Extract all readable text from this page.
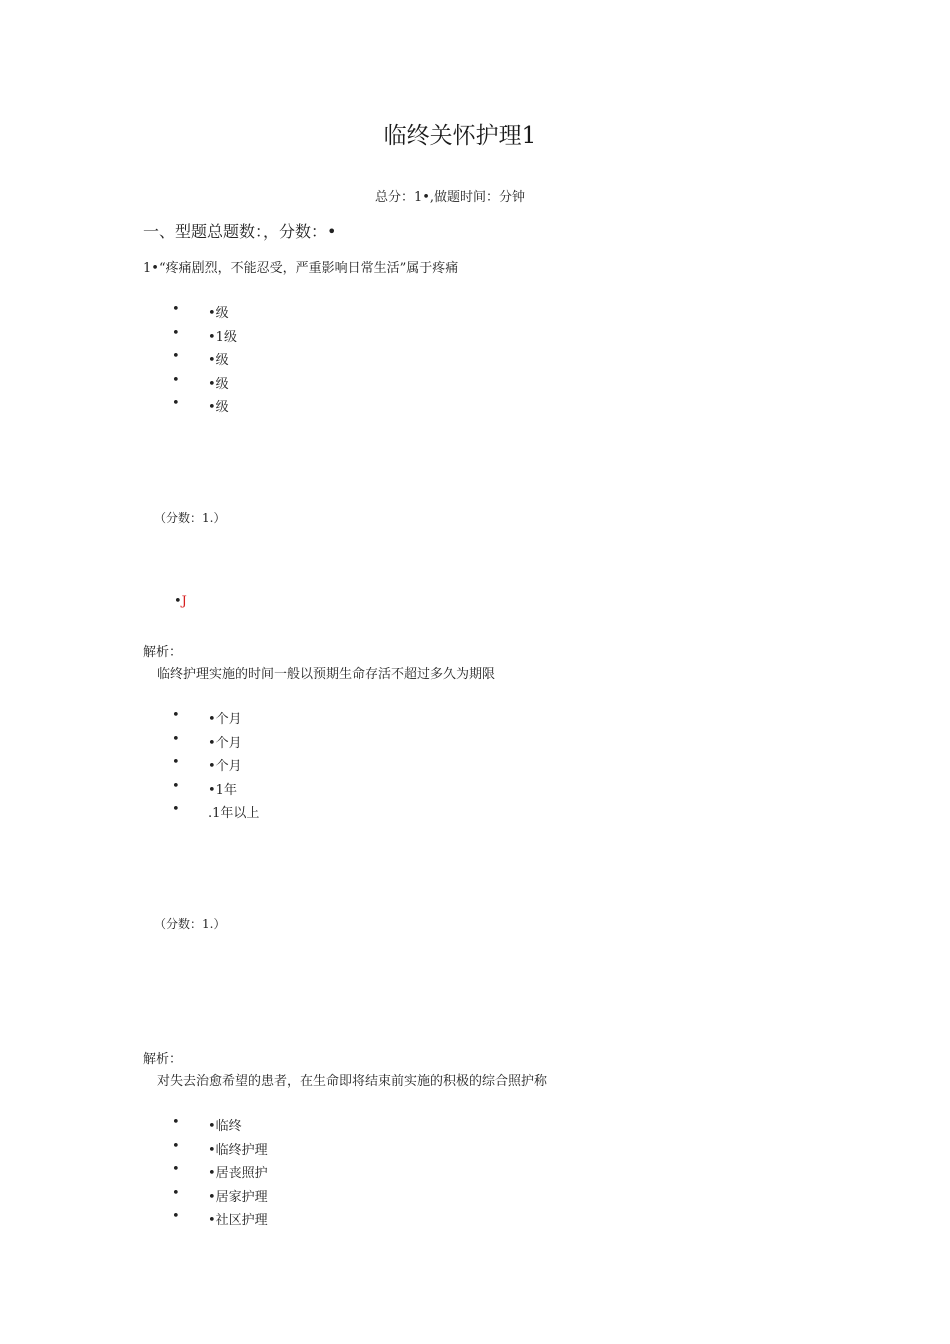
临终关怀护理1
总分：1•,做题时间：分钟
一、型题总题数：，分数：•
1•“疼痛剧烈，不能忍受，严重影响日常生活”属于疼痛
• •级
• •1级
• •级
• •级
• •级
（分数：1.）
•J
解析：
临终护理实施的时间一般以预期生命存活不超过多久为期限
• •个月
• •个月
• •个月
• •1年
• .1年以上
（分数：1.）
解析：
对失去治愈希望的患者，在生命即将结束前实施的积极的综合照护称
• •临终
• •临终护理
• •居丧照护
• •居家护理
• •社区护理
